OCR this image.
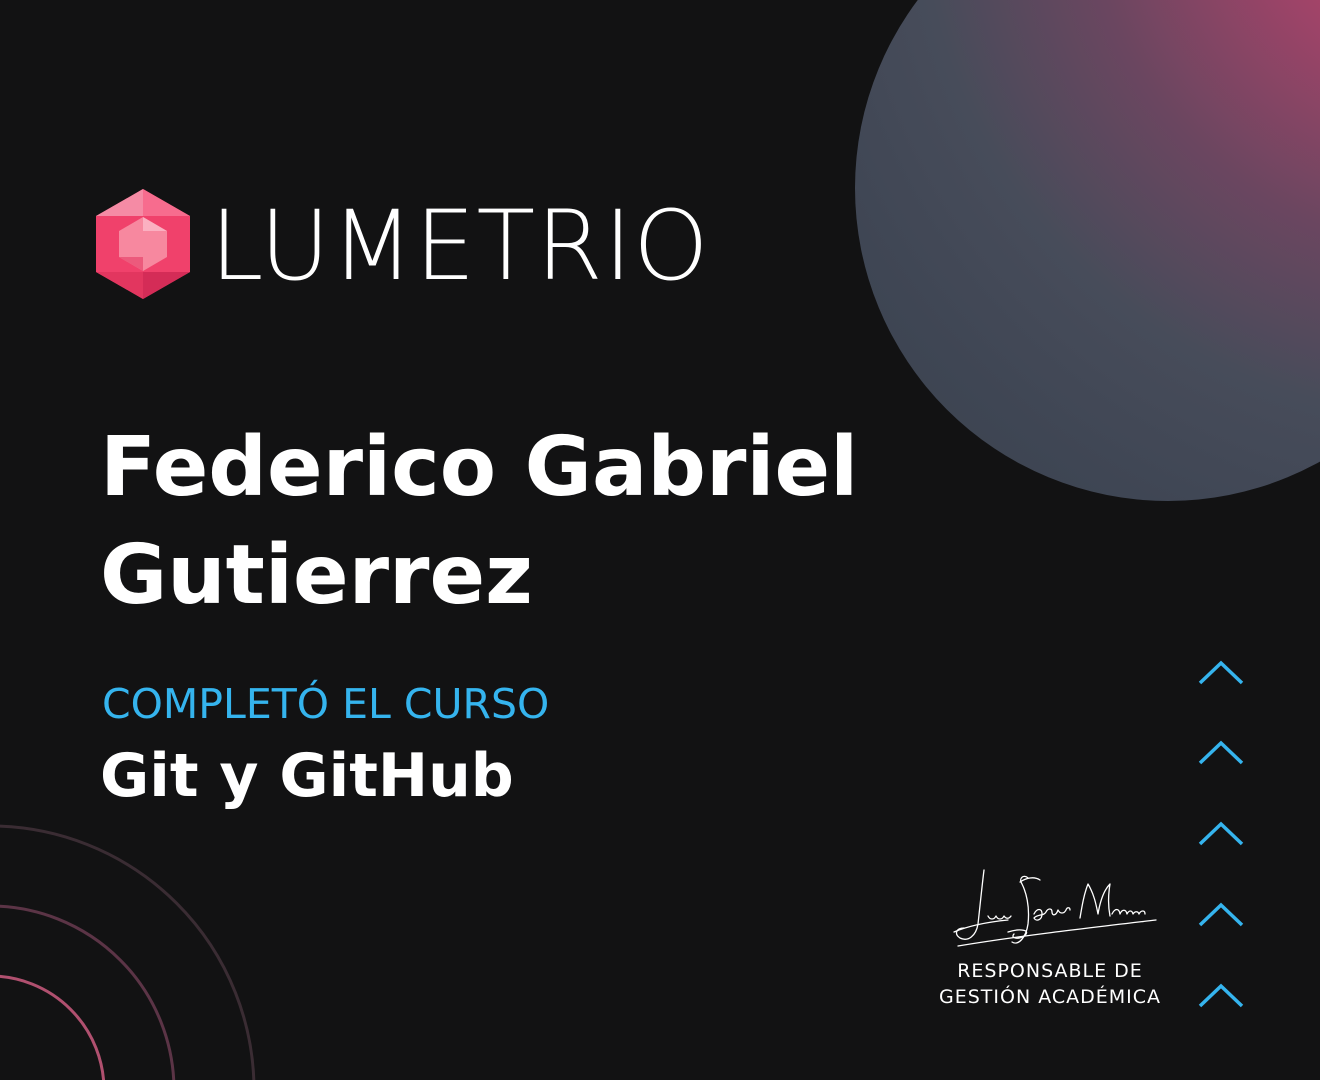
LUMETRIO
Federico Gabriel
Gutierrez
COMPLETÓ EL CURSO
Git y GitHub
RESPONSABLE DE
GESTIÓN ACADÉMICA
